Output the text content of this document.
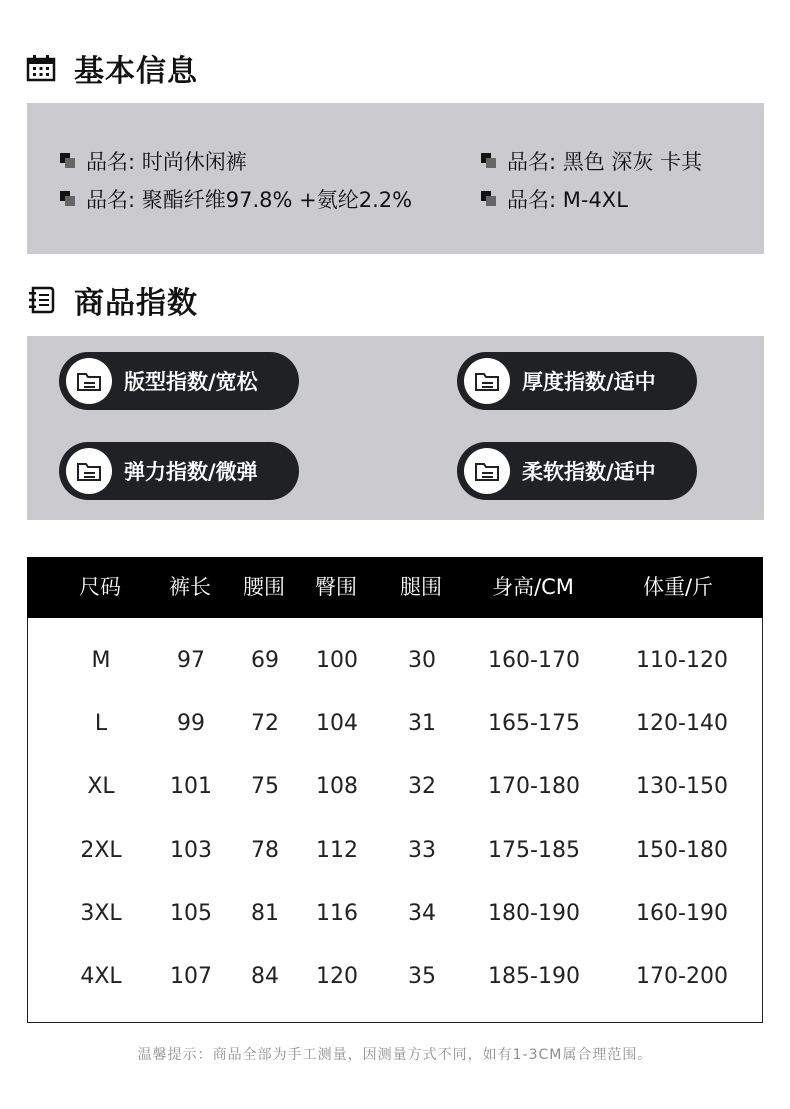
基本信息
品名: 时尚休闲裤	品名: 黑色 深灰 卡其
品名: 聚酯纤维97.8% +氨纶2.2%	品名: M-4XL
商品指数
版型指数/宽松	厚度指数/适中
弹力指数/微弹	柔软指数/适中
尺码 裤长 腰围 臀围 腿围 身高/CM	体重/斤
M	97 69 100 30 160-170	110-120
L	99 72 104 31 165-175	120-140
XL	101 75 108 32 170-180	130-150
2XL 103 78 112 33 175-185	150-180
3XL 105 81 116 34 180-190	160-190
4XL 107 84 120 35 185-190	170-200
温馨提示：商品全部为手工测量，因测量方式不同，如有1-3CM属合理范围。
